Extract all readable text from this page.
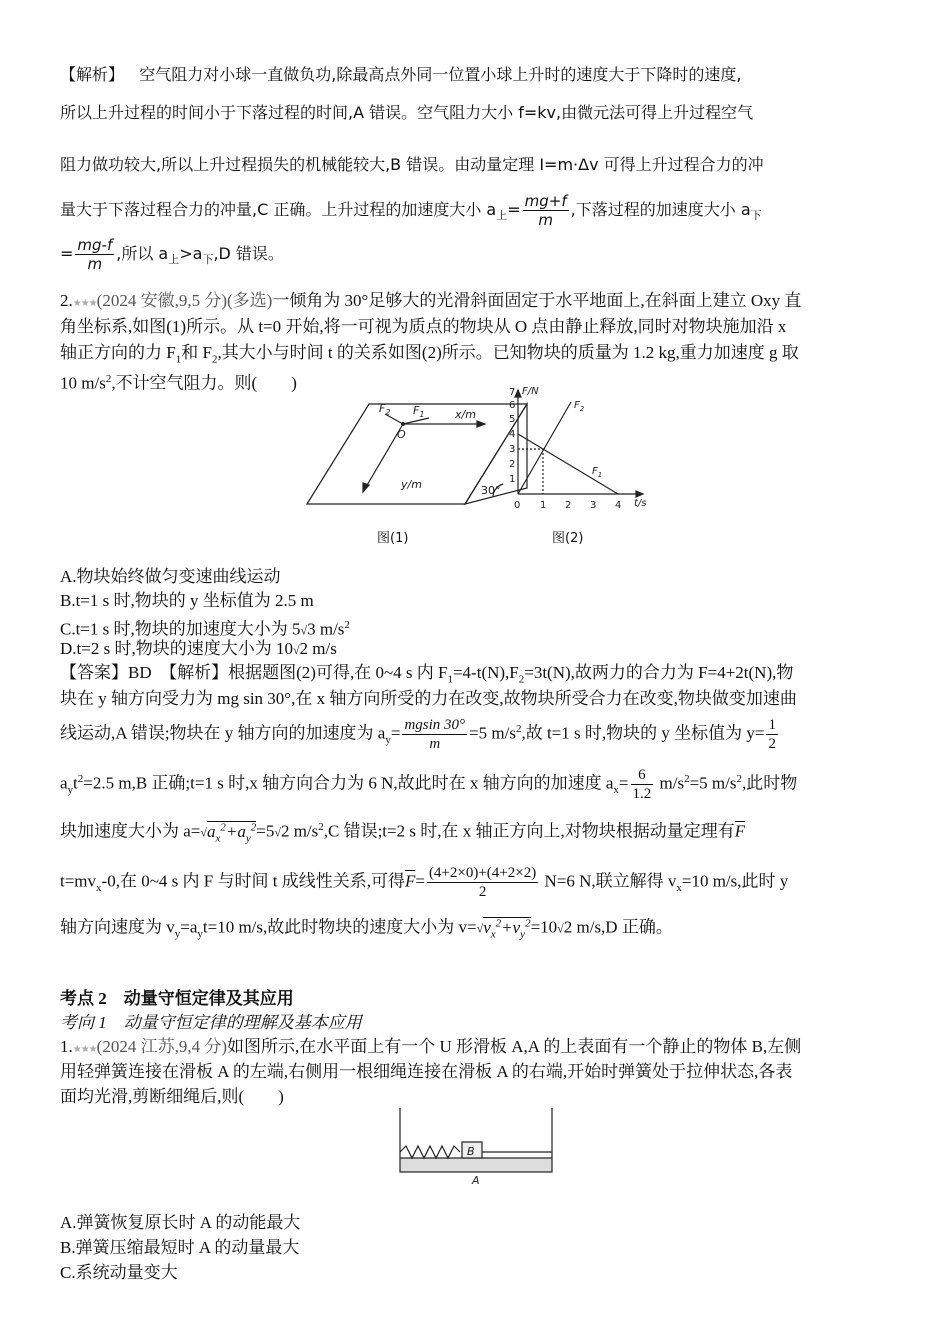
【解析】 空气阻力对小球一直做负功,除最高点外同一位置小球上升时的速度大于下降时的速度,

所以上升过程的时间小于下落过程的时间,A 错误。空气阻力大小 f=kv,由微元法可得上升过程空气

阻力做功较大,所以上升过程损失的机械能较大,B 错误。由动量定理 I=m·Δv 可得上升过程合力的冲

量大于下落过程合力的冲量,C 正确。上升过程的加速度大小 $a_上= \frac{mg+f}{m}$ ,下落过程的加速度大小 $a_下$

= $\frac{mg-f}{m}$ ,所以 $a_上>a_下,D$ 错误。

2.★★★(2024 安徽,9,5 分)(多选)一倾角为 30°足够大的光滑斜面固定于水平地面上,在斜面上建立 Oxy 直

角坐标系,如图(1)所示。从 t=0 开始,将一可视为质点的物块从 O 点由静止释放,同时对物块施加沿 x

轴正方向的力 $F_1$和 $F_2$,其大小与时间 t 的关系如图(2)所示。已知物块的质量为 1.2 kg,重力加速度 g 取

10 $m/s^2$,不计空气阻力。则(　　)

$F_2$ $F_1$
O
x/m
y/m	30°
图(1)
F/N
t/s
$F_2$
$F_1$
1
2
3
4
5
6
7
0 1 2 3 4
图(2)

A.物块始终做匀变速曲线运动

B.t=1 s 时,物块的 y 坐标值为 2.5 m

C.t=1 s 时,物块的加速度大小为 5√3 $m/s^2$

D.t=2 s 时,物块的速度大小为 10√2 m/s

【答案】BD 【解析】根据题图(2)可得,在 0~4 s 内 $F_1=4-t(N),F_2=3t(N)$,故两力的合力为 F=4+2t(N),物

块在 y 轴方向受力为 mg sin 30°,在 x 轴方向所受的力在改变,故物块所受合力在改变,物块做变加速曲

线运动,A 错误;物块在 y 轴方向的加速度为 $a_y= \frac{mgsin 30^\circ}{m} =5$ $m/s^2$,故 t=1 s 时,物块的 y 坐标值为 $y= \frac{1}{2}$

$a_yt^2=2.5$ m,B 正确;t=1 s 时,x 轴方向合力为 6 N,故此时在 x 轴方向的加速度 $a_x= \frac{6}{1.2} m/s^2=5$ $m/s^2$,此时物

块加速度大小为 $a=√a_x^2+a_y^2=5√2$ $m/s^2,C$ 错误;t=2 s 时,在 x 轴正方向上,对物块根据动量定理有$\overline{F}$

$t=mv_x-0$,在 0~4 s 内 F 与时间 t 成线性关系,可得$\overline{F}= \frac{(4+2\times 0)+(4+2\times 2)}{2} N=6$ N,联立解得 $v_x=10$ m/s,此时 y

轴方向速度为 $v_y=a_yt=10$ m/s,故此时物块的速度大小为 $v=√v_x^2+v_y^2=10√2$ m/s,D 正确。

考点 2　动量守恒定律及其应用

考向 1　动量守恒定律的理解及基本应用

1.★★★(2024 江苏,9,4 分)如图所示,在水平面上有一个 U 形滑板 A,A 的上表面有一个静止的物体 B,左侧

用轻弹簧连接在滑板 A 的左端,右侧用一根细绳连接在滑板 A 的右端,开始时弹簧处于拉伸状态,各表

面均光滑,剪断细绳后,则(　　)

B
A

A.弹簧恢复原长时 A 的动能最大

B.弹簧压缩最短时 A 的动量最大

C.系统动量变大
